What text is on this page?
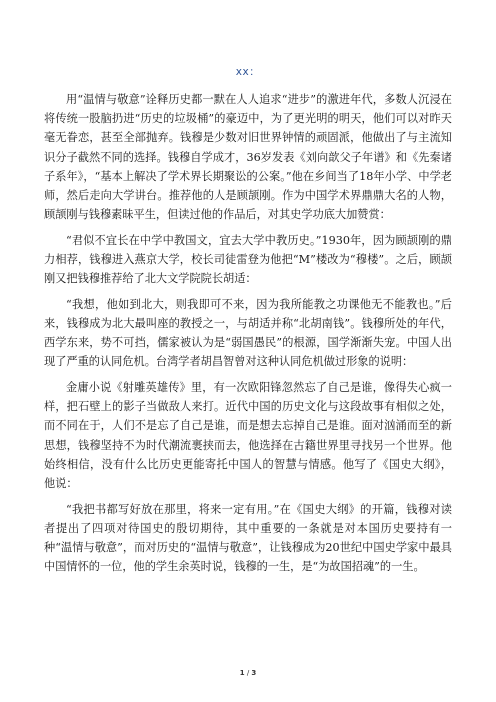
xx：

用“温情与敬意”诠释历史都一默在人人追求“进步”的激进年代，多数人沉浸在将传统一股脑扔进“历史的垃圾桶”的豪迈中，为了更光明的明天，他们可以对昨天毫无眷恋，甚至全部抛弃。钱穆是少数对旧世界钟情的顽固派，他做出了与主流知识分子截然不同的选择。钱穆自学成才，36岁发表《刘向歆父子年谱》和《先秦诸子系年》，“基本上解决了学术界长期聚讼的公案。”他在乡间当了18年小学、中学老师，然后走向大学讲台。推荐他的人是顾颉刚。作为中国学术界鼎鼎大名的人物，顾颉刚与钱穆素昧平生，但读过他的作品后，对其史学功底大加赞赏：

“君似不宜长在中学中教国文，宜去大学中教历史。”1930年，因为顾颉刚的鼎力相荐，钱穆进入燕京大学，校长司徒雷登为他把“M”楼改为“穆楼”。之后，顾颉刚又把钱穆推荐给了北大文学院院长胡适：

“我想，他如到北大，则我即可不来，因为我所能教之功课他无不能教也。”后来，钱穆成为北大最叫座的教授之一，与胡适并称“北胡南钱”。钱穆所处的年代，西学东来，势不可挡，儒家被认为是“弱国愚民”的根源，国学渐渐失宠。中国人出现了严重的认同危机。台湾学者胡昌智曾对这种认同危机做过形象的说明：

金庸小说《射雕英雄传》里，有一次欧阳锋忽然忘了自己是谁，像得失心疯一样，把石壁上的影子当做敌人来打。近代中国的历史文化与这段故事有相似之处，而不同在于，人们不是忘了自己是谁，而是想去忘掉自己是谁。面对汹涌而至的新思想，钱穆坚持不为时代潮流裹挟而去，他选择在古籍世界里寻找另一个世界。他始终相信，没有什么比历史更能寄托中国人的智慧与情感。他写了《国史大纲》，他说：

“我把书都写好放在那里，将来一定有用。”在《国史大纲》的开篇，钱穆对读者提出了四项对待国史的殷切期待，其中重要的一条就是对本国历史要持有一种“温情与敬意”，而对历史的“温情与敬意”，让钱穆成为20世纪中国史学家中最具中国情怀的一位，他的学生余英时说，钱穆的一生，是“为故国招魂”的一生。

1 / 3
